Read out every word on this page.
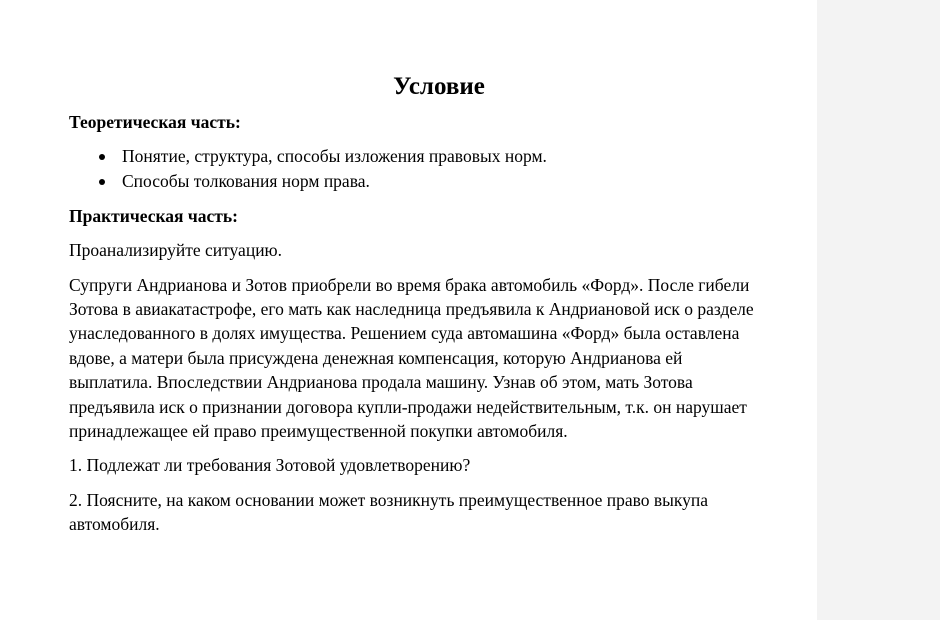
Условие
Теоретическая часть:
Понятие, структура, способы изложения правовых норм.
Способы толкования норм права.
Практическая часть:

Проанализируйте ситуацию.

Супруги Андрианова и Зотов приобрели во время брака автомобиль «Форд». После гибели Зотова в авиакатастрофе, его мать как наследница предъявила к Андриановой иск о разделе унаследованного в долях имущества. Решением суда автомашина «Форд» была оставлена вдове, а матери была присуждена денежная компенсация, которую Андрианова ей выплатила. Впоследствии Андрианова продала машину. Узнав об этом, мать Зотова предъявила иск о признании договора купли-продажи недействительным, т.к. он нарушает принадлежащее ей право преимущественной покупки автомобиля.

1. Подлежат ли требования Зотовой удовлетворению?

2. Поясните, на каком основании может возникнуть преимущественное право выкупа автомобиля.
